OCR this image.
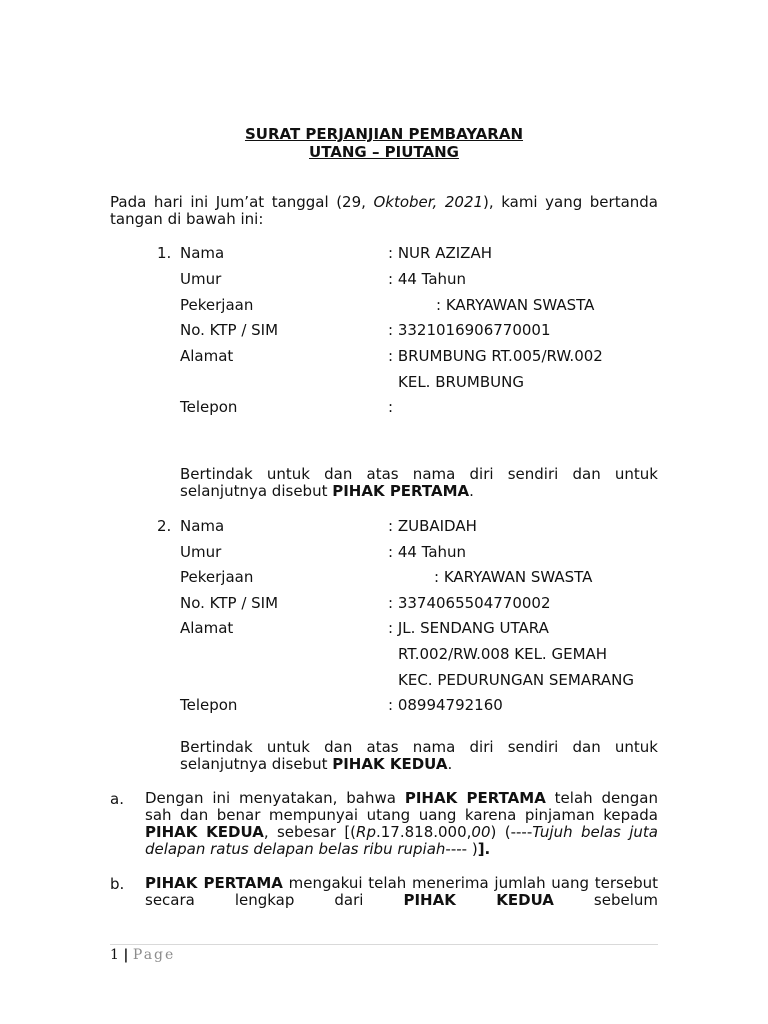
SURAT PERJANJIAN PEMBAYARAN
UTANG – PIUTANG
Pada hari ini Jum’at tanggal (29, Oktober, 2021), kami yang bertanda tangan di bawah ini:
1. Nama	: NUR AZIZAH
Umur	: 44 Tahun
Pekerjaan	: KARYAWAN SWASTA
No. KTP / SIM	: 3321016906770001
Alamat	: BRUMBUNG RT.005/RW.002
KEL. BRUMBUNG
Telepon	:
Bertindak untuk dan atas nama diri sendiri dan untuk selanjutnya disebut PIHAK PERTAMA.
2. Nama	: ZUBAIDAH
Umur	: 44 Tahun
Pekerjaan	: KARYAWAN SWASTA
No. KTP / SIM	: 3374065504770002
Alamat	: JL. SENDANG UTARA
RT.002/RW.008 KEL. GEMAH
KEC. PEDURUNGAN SEMARANG
Telepon	: 08994792160
Bertindak untuk dan atas nama diri sendiri dan untuk selanjutnya disebut PIHAK KEDUA.
a. Dengan ini menyatakan, bahwa PIHAK PERTAMA telah dengan sah dan benar mempunyai utang uang karena pinjaman kepada PIHAK KEDUA, sebesar [(Rp.17.818.000,00) (----Tujuh belas juta delapan ratus delapan belas ribu rupiah---- )].
b. PIHAK PERTAMA mengakui telah menerima jumlah uang tersebut secara lengkap dari PIHAK KEDUA sebelum
1 | Page
